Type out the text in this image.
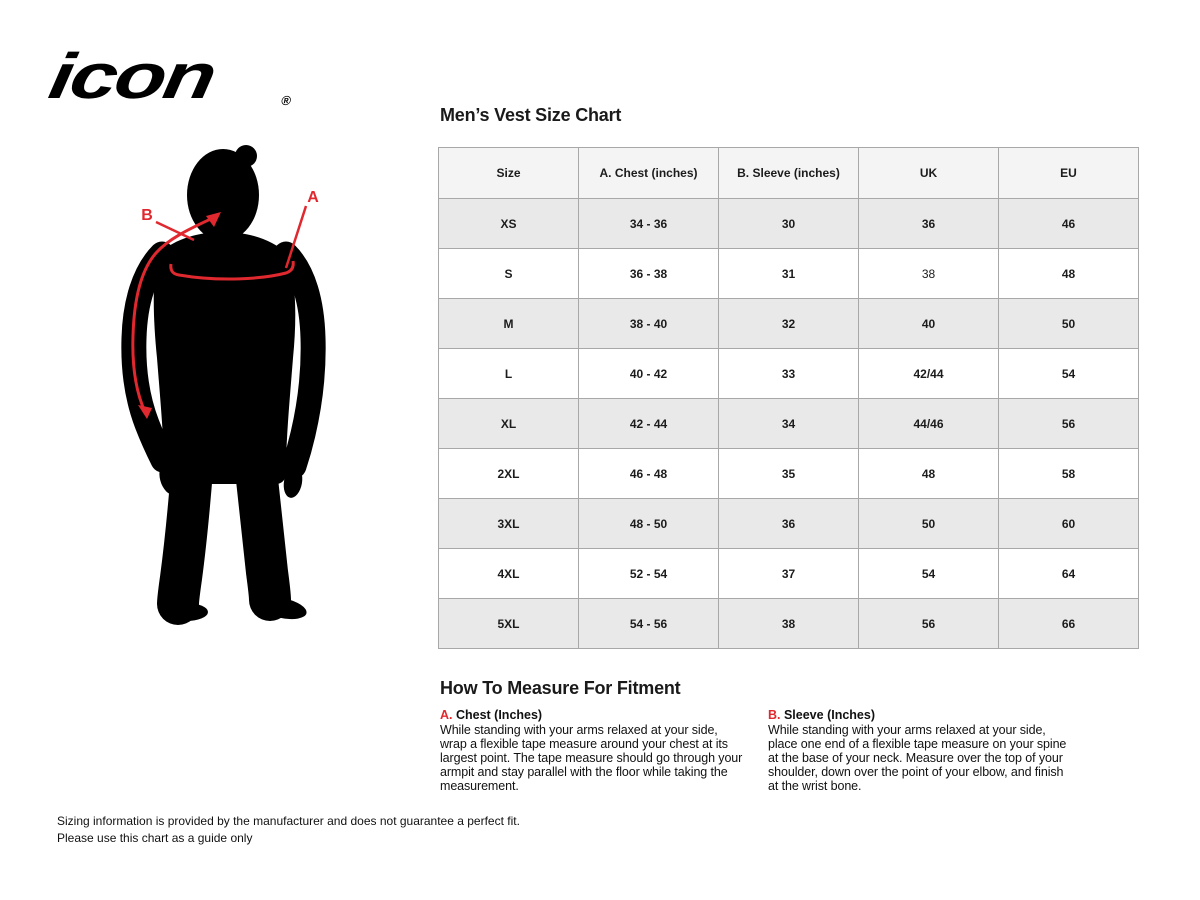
icon	®
A
B
Men’s Vest Size Chart
Size	A. Chest (inches)	B. Sleeve (inches)	UK	EU
XS	34 - 36	30	36	46
S	36 - 38	31	38	48
M	38 - 40	32	40	50
L	40 - 42	33	42/44	54
XL	42 - 44	34	44/46	56
2XL	46 - 48	35	48	58
3XL	48 - 50	36	50	60
4XL	52 - 54	37	54	64
5XL	54 - 56	38	56	66
How To Measure For Fitment
A. Chest (Inches)
While standing with your arms relaxed at your side, wrap a flexible tape measure around your chest at its largest point. The tape measure should go through your armpit and stay parallel with the floor while taking the measurement.
B. Sleeve (Inches)
While standing with your arms relaxed at your side, place one end of a flexible tape measure on your spine at the base of your neck. Measure over the top of your shoulder, down over the point of your elbow, and finish at the wrist bone.
Sizing information is provided by the manufacturer and does not guarantee a perfect fit.
Please use this chart as a guide only
